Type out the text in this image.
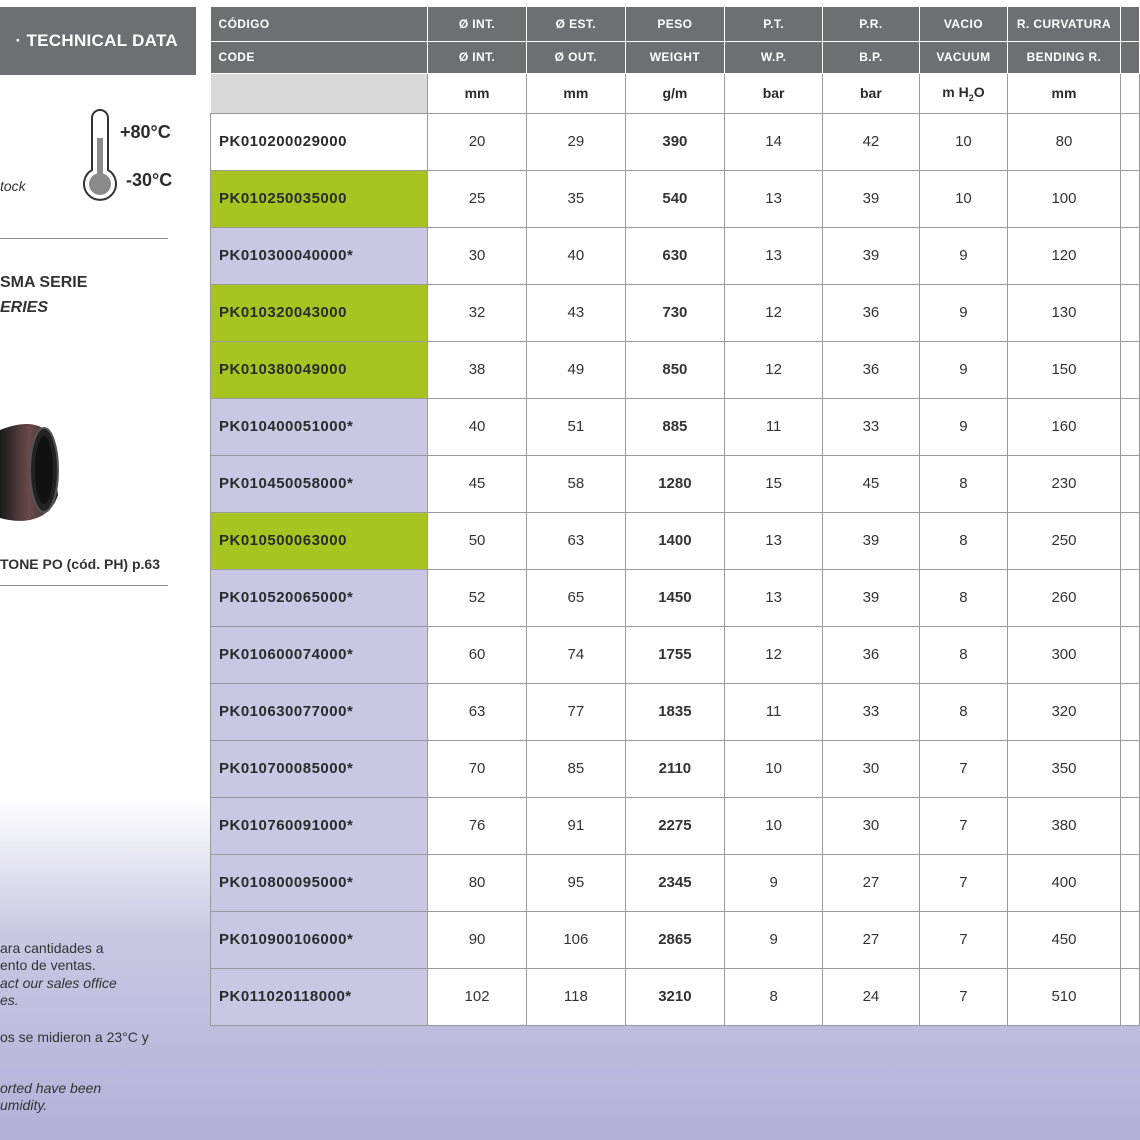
· TECHNICAL DATA
+80°C
-30°C
tock
SMA SERIE
ERIES
TONE PO (cód. PH) p.63
ara cantidades a
ento de ventas.
act our sales office
es.
os se midieron a 23°C y
orted have been
umidity.
CÓDIGO	Ø INT.	Ø EST.	PESO	P.T.	P.R.	VACIO	R. CURVATURA	
CODE	Ø INT.	Ø OUT.	WEIGHT	W.P.	B.P.	VACUUM	BENDING R.	
	mm	mm	g/m	bar	bar	m $H_2O$	mm	
PK010200029000	20	29	390	14	42	10	80	
PK010250035000	25	35	540	13	39	10	100	
PK010300040000*	30	40	630	13	39	9	120	
PK010320043000	32	43	730	12	36	9	130	
PK010380049000	38	49	850	12	36	9	150	
PK010400051000*	40	51	885	11	33	9	160	
PK010450058000*	45	58	1280	15	45	8	230	
PK010500063000	50	63	1400	13	39	8	250	
PK010520065000*	52	65	1450	13	39	8	260	
PK010600074000*	60	74	1755	12	36	8	300	
PK010630077000*	63	77	1835	11	33	8	320	
PK010700085000*	70	85	2110	10	30	7	350	
PK010760091000*	76	91	2275	10	30	7	380	
PK010800095000*	80	95	2345	9	27	7	400	
PK010900106000*	90	106	2865	9	27	7	450	
PK011020118000*	102	118	3210	8	24	7	510	
